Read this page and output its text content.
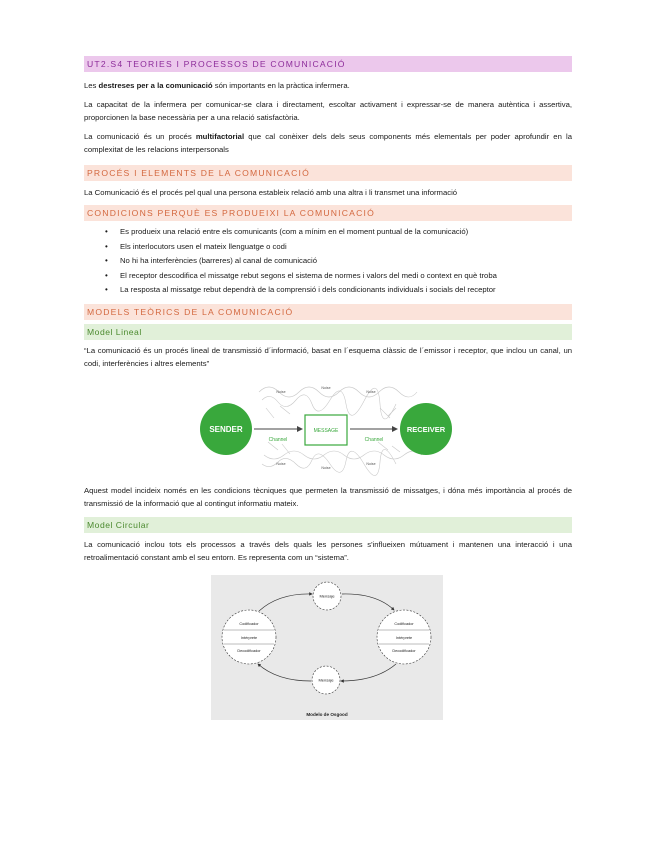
UT2.S4 TEORIES I PROCESSOS DE COMUNICACIÓ

Les destreses per a la comunicació són importants en la pràctica infermera.

La capacitat de la infermera per comunicar-se clara i directament, escoltar activament i expressar-se de manera autèntica i assertiva, proporcionen la base necessària per a una relació satisfactòria.

La comunicació és un procés multifactorial que cal conèixer dels dels seus components més elementals per poder aprofundir en la complexitat de les relacions interpersonals

PROCÉS I ELEMENTS DE LA COMUNICACIÓ

La Comunicació és el procés pel qual una persona estableix relació amb una altra i li transmet una informació

CONDICIONS PERQUÈ ES PRODUEIXI LA COMUNICACIÓ
• Es produeix una relació entre els comunicants (com a mínim en el moment puntual de la comunicació)
• Els interlocutors usen el mateix llenguatge o codi
• No hi ha interferències (barreres) al canal de comunicació
• El receptor descodifica el missatge rebut segons el sistema de normes i valors del medi o context en què troba
• La resposta al missatge rebut dependrà de la comprensió i dels condicionants individuals i socials del receptor
MODELS TEÒRICS DE LA COMUNICACIÓ
Model Lineal

“La comunicació és un procés lineal de transmissió d´informació, basat en l´esquema clàssic de l´emissor i receptor, que inclou un canal, un codi, interferències i altres elements”

Noise
Noise
Noise
Noise
Noise
Noise
SENDER	RECEIVER
MESSAGE
Channel	Channel

Aquest model incideix només en les condicions tècniques que permeten la transmissió de missatges, i dóna més importància al procés de transmissió de la informació que al contingut informatiu mateix.

Model Circular

La comunicació inclou tots els processos a través dels quals les persones s'influeixen mútuament i mantenen una interacció i una retroalimentació constant amb el seu entorn. Es representa com un “sistema”.

Mensaje
Mensaje
Codificador
Intérprete
Decodificador
Codificador
Intérprete
Decodificador
Modelo de Osgood
